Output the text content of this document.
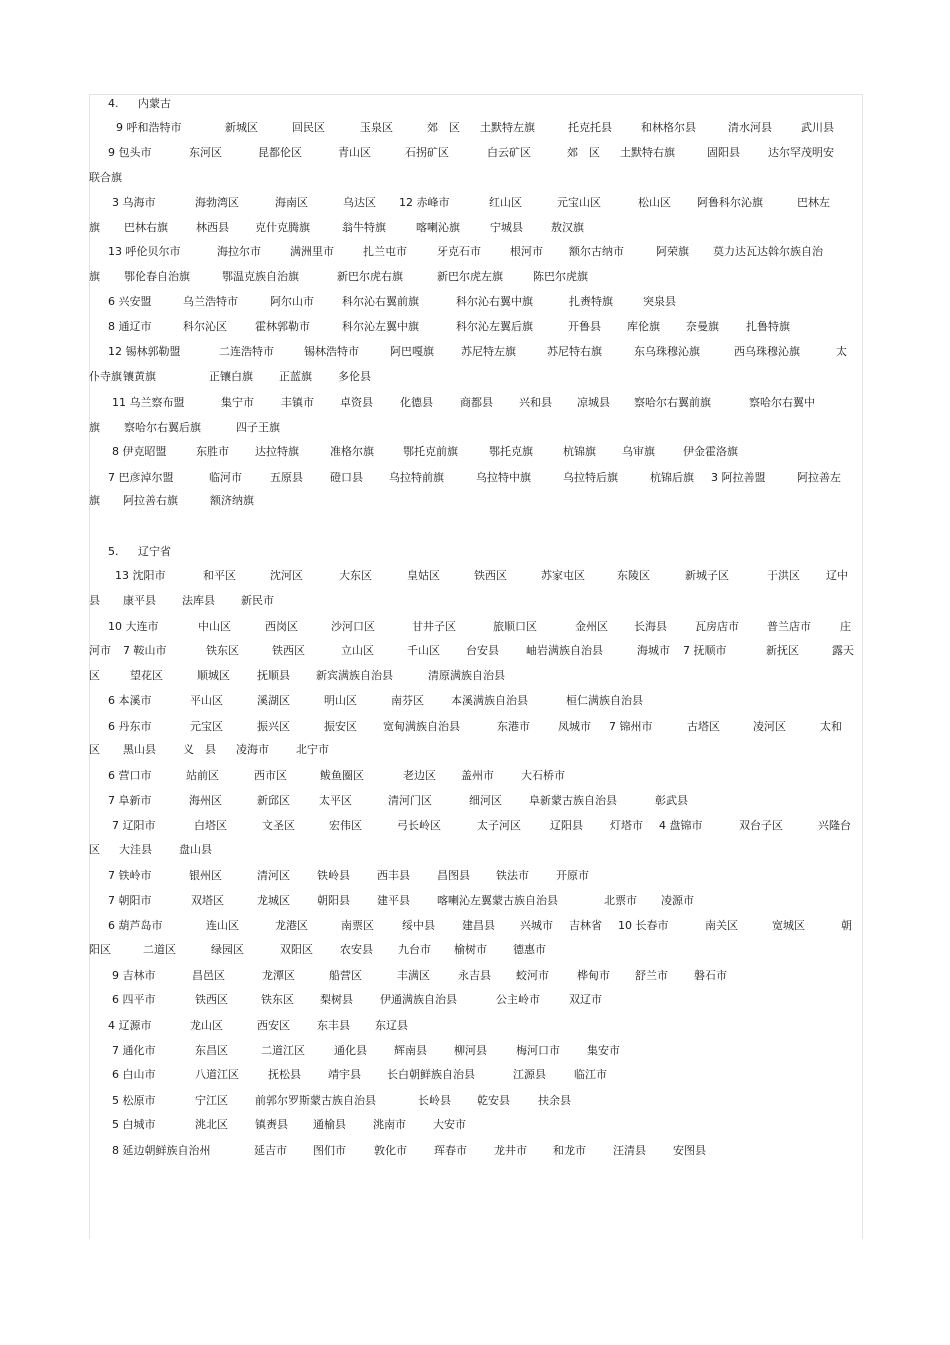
4. 内蒙古
9 呼和浩特市	新城区	回民区	玉泉区	郊　区 土默特左旗	托克托县	和林格尔县	清水河县	武川县
9 包头市	东河区	昆都伦区	青山区	石拐矿区	白云矿区	郊　区 土默特右旗	固阳县	达尔罕茂明安
联合旗
3 乌海市	海勃湾区	海南区	乌达区 12 赤峰市	红山区	元宝山区	松山区 阿鲁科尔沁旗	巴林左
旗 巴林右旗	林西县 克什克腾旗	翁牛特旗	喀喇沁旗	宁城县	敖汉旗
13 呼伦贝尔市	海拉尔市	满洲里市	扎兰屯市	牙克石市	根河市 额尔古纳市	阿荣旗 莫力达瓦达斡尔族自治
旗 鄂伦春自治旗	鄂温克族自治旗	新巴尔虎右旗	新巴尔虎左旗	陈巴尔虎旗
6 兴安盟	乌兰浩特市	阿尔山市	科尔沁右翼前旗	科尔沁右翼中旗	扎赉特旗	突泉县
8 通辽市	科尔沁区	霍林郭勒市	科尔沁左翼中旗	科尔沁左翼后旗	开鲁县 库伦旗 奈曼旗 扎鲁特旗
12 锡林郭勒盟	二连浩特市	锡林浩特市	阿巴嘎旗 苏尼特左旗	苏尼特右旗	东乌珠穆沁旗	西乌珠穆沁旗	太
仆寺旗 镶黄旗	正镶白旗 正蓝旗 多伦县
11 乌兰察布盟	集宁市 丰镇市 卓资县 化德县 商都县 兴和县 凉城县 察哈尔右翼前旗	察哈尔右翼中
旗 察哈尔右翼后旗	四子王旗
8 伊克昭盟	东胜市 达拉特旗	准格尔旗	鄂托克前旗	鄂托克旗	杭锦旗 乌审旗	伊金霍洛旗
7 巴彦淖尔盟	临河市	五原县 磴口县 乌拉特前旗	乌拉特中旗	乌拉特后旗	杭锦后旗 3 阿拉善盟	阿拉善左
旗 阿拉善右旗	额济纳旗
5. 辽宁省
13 沈阳市	和平区	沈河区	大东区	皇姑区	铁西区	苏家屯区	东陵区	新城子区	于洪区 辽中
县 康平县 法库县 新民市
10 大连市	中山区	西岗区	沙河口区	甘井子区	旅顺口区	金州区 长海县	瓦房店市	普兰店市	庄
河市 7 鞍山市	铁东区	铁西区	立山区	千山区 台安县 岫岩满族自治县	海城市 7 抚顺市	新抚区	露天
区	望花区	顺城区 抚顺县 新宾满族自治县	清原满族自治县
6 本溪市	平山区	溪湖区	明山区	南芬区 本溪满族自治县	桓仁满族自治县
6 丹东市	元宝区	振兴区	振安区 宽甸满族自治县	东港市	凤城市 7 锦州市	古塔区	凌河区	太和
区 黑山县 义　县 凌海市 北宁市
6 营口市	站前区	西市区	鲅鱼圈区	老边区 盖州市 大石桥市
7 阜新市	海州区	新邱区	太平区	清河门区	细河区 阜新蒙古族自治县	彰武县
7 辽阳市	白塔区	文圣区	宏伟区	弓长岭区	太子河区	辽阳县 灯塔市 4 盘锦市	双台子区	兴隆台
区 大洼县 盘山县
7 铁岭市	银州区	清河区 铁岭县 西丰县 昌图县 铁法市 开原市
7 朝阳市	双塔区	龙城区 朝阳县 建平县 喀喇沁左翼蒙古族自治县	北票市 凌源市
6 葫芦岛市	连山区	龙港区	南票区	绥中县 建昌县 兴城市 吉林省 10 长春市	南关区	宽城区	朝
阳区	二道区	绿园区	双阳区 农安县 九台市 榆树市 德惠市
9 吉林市	昌邑区	龙潭区	船营区	丰满区	永吉县 蛟河市	桦甸市 舒兰市 磐石市
6 四平市	铁西区	铁东区 梨树县 伊通满族自治县	公主岭市	双辽市
4 辽源市	龙山区	西安区 东丰县 东辽县
7 通化市	东昌区	二道江区	通化县 辉南县 柳河县	梅河口市 集安市
6 白山市	八道江区	抚松县 靖宇县 长白朝鲜族自治县	江源县	临江市
5 松原市	宁江区 前郭尔罗斯蒙古族自治县	长岭县 乾安县	扶余县
5 白城市	洮北区 镇赉县 通榆县 洮南市 大安市
8 延边朝鲜族自治州	延吉市 图们市	敦化市 珲春市 龙井市 和龙市 汪清县 安图县
